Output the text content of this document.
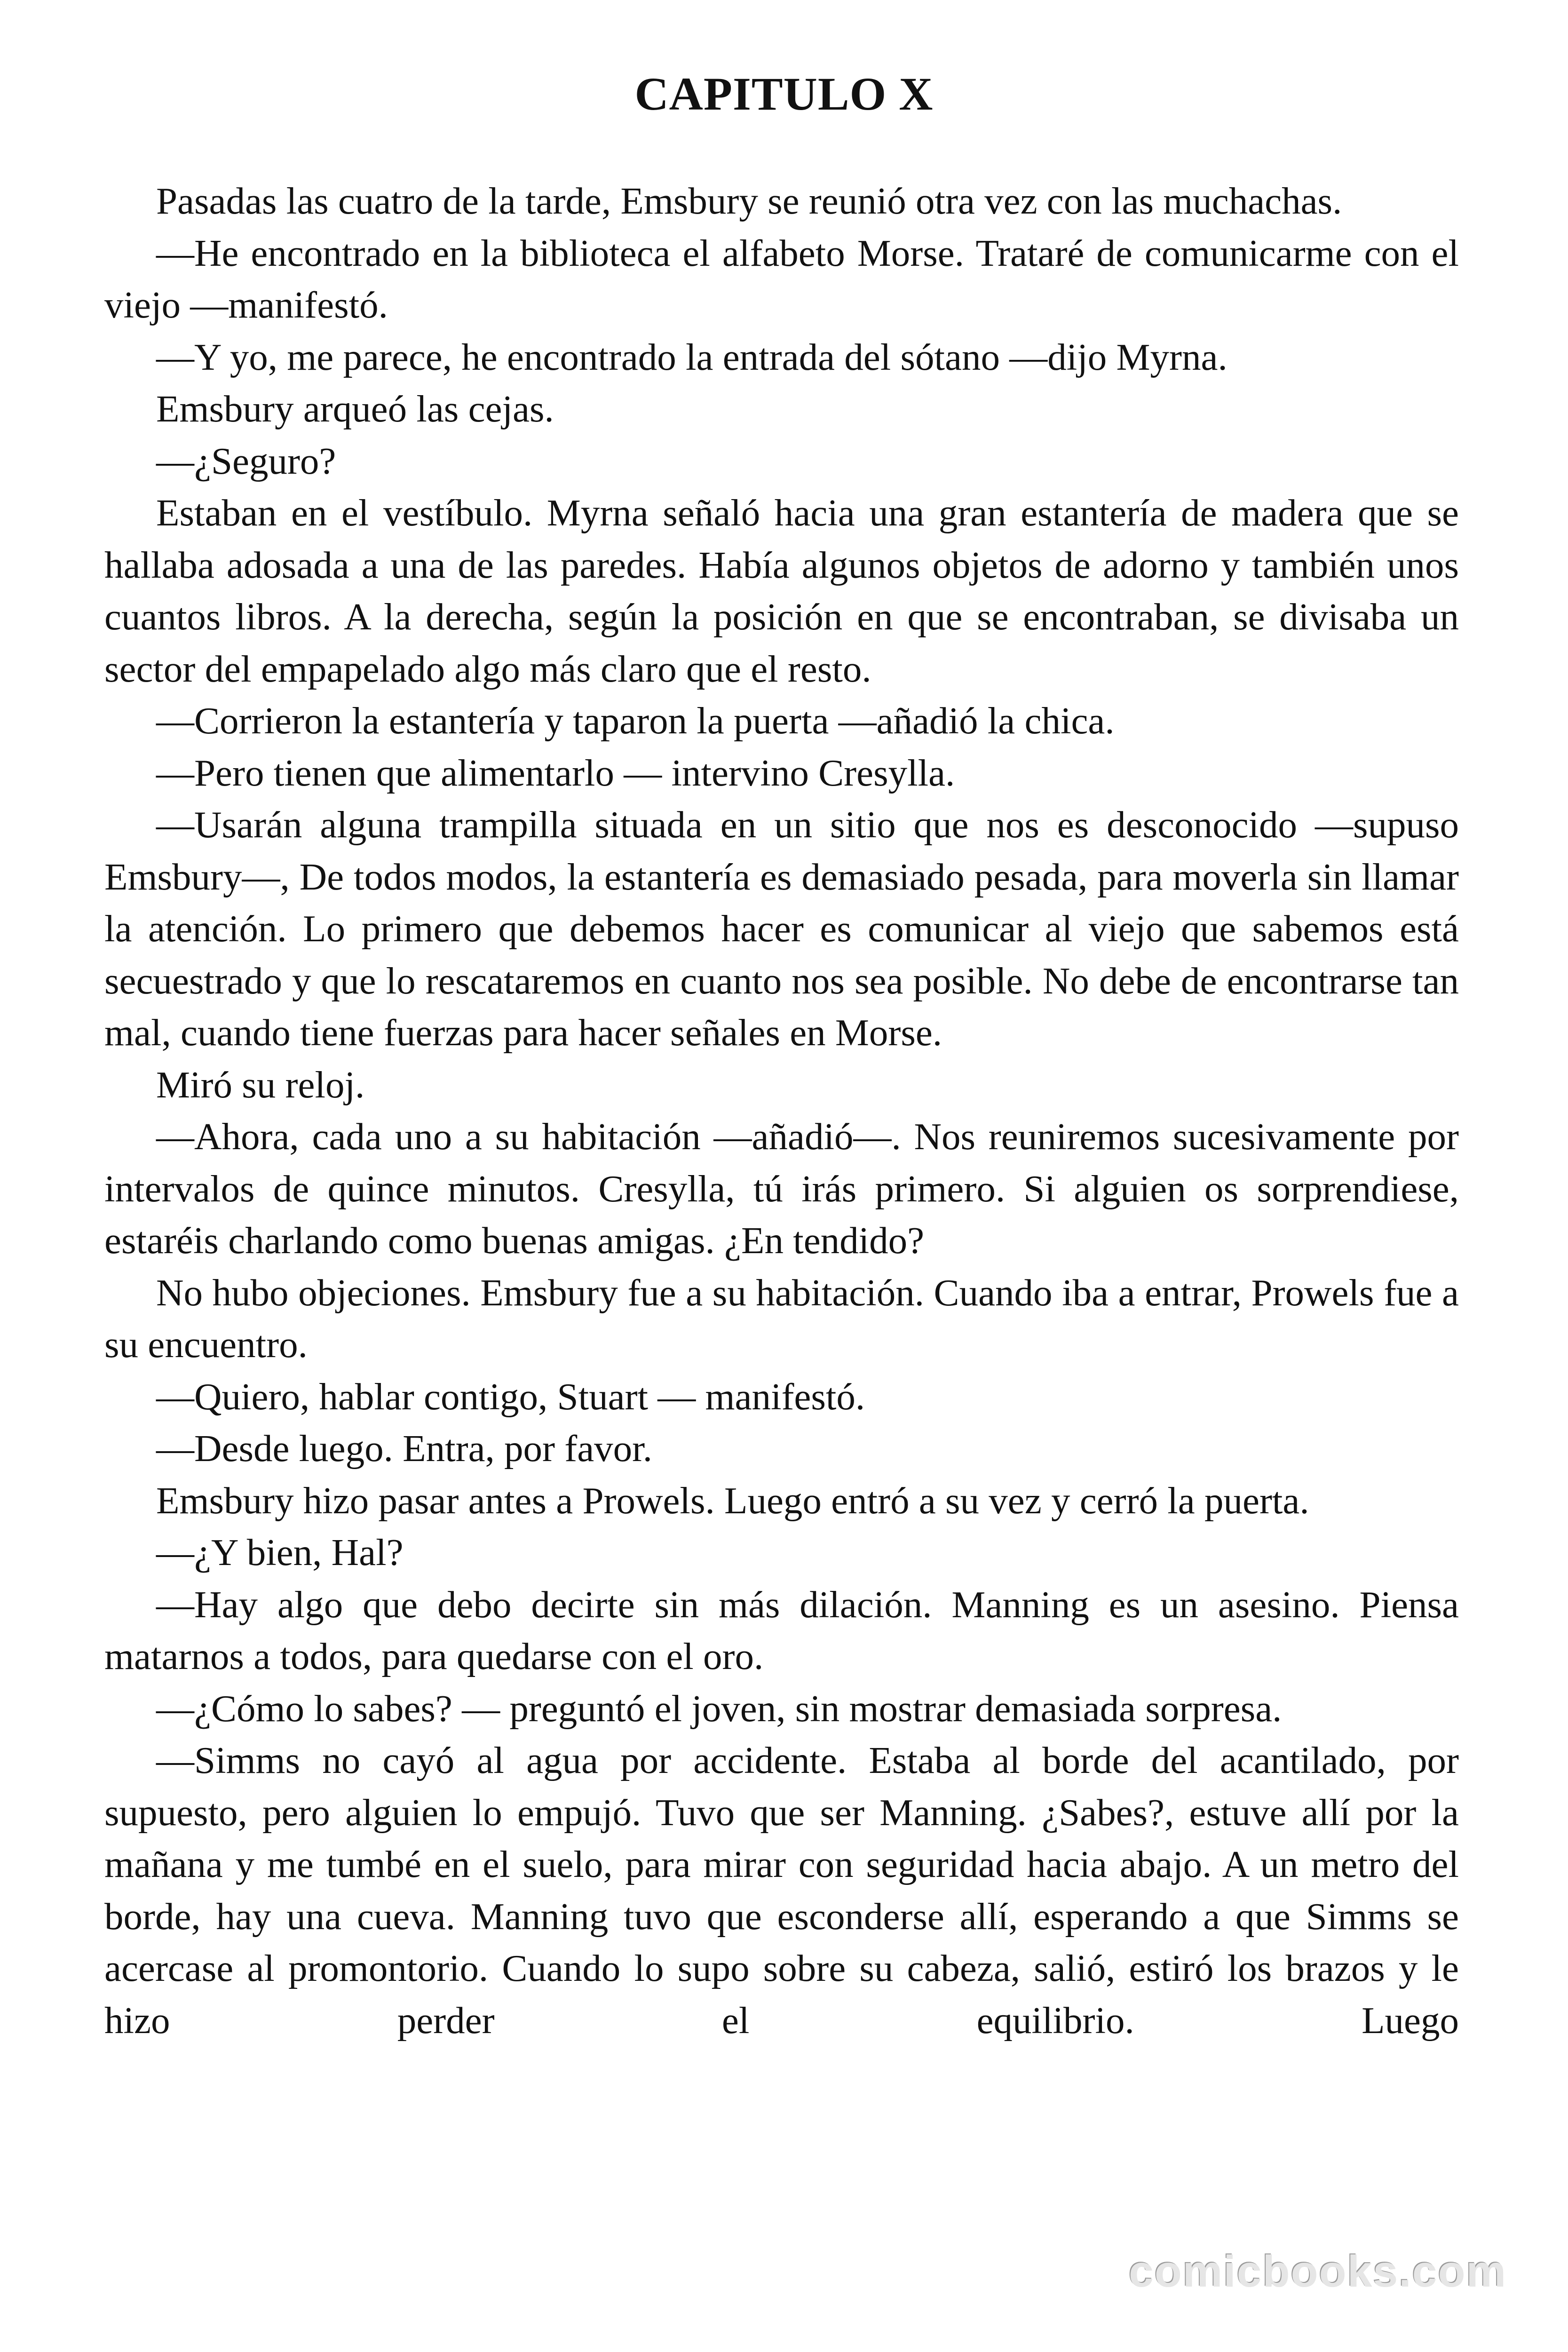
CAPITULO X

Pasadas las cuatro de la tarde, Emsbury se reunió otra vez con las muchachas.

—He encontrado en la biblioteca el alfabeto Morse. Trataré de comunicarme con el viejo —manifestó.

—Y yo, me parece, he encontrado la entrada del sótano —dijo Myrna.

Emsbury arqueó las cejas.

—¿Seguro?

Estaban en el vestíbulo. Myrna señaló hacia una gran estantería de madera que se hallaba adosada a una de las paredes. Había algunos objetos de adorno y también unos cuantos libros. A la derecha, según la posición en que se encontraban, se divisaba un sector del empapelado algo más claro que el resto.

—Corrieron la estantería y taparon la puerta —añadió la chica.

—Pero tienen que alimentarlo — intervino Cresylla.

—Usarán alguna trampilla situada en un sitio que nos es desconocido —supuso Emsbury—, De todos modos, la estantería es demasiado pesada, para moverla sin llamar la atención. Lo primero que debemos hacer es comunicar al viejo que sabemos está secuestrado y que lo rescataremos en cuanto nos sea posible. No debe de encontrarse tan mal, cuando tiene fuerzas para hacer señales en Morse.

Miró su reloj.

—Ahora, cada uno a su habitación —añadió—. Nos reuniremos sucesivamente por intervalos de quince minutos. Cresylla, tú irás primero. Si alguien os sorprendiese, estaréis charlando como buenas amigas. ¿En tendido?

No hubo objeciones. Emsbury fue a su habitación. Cuando iba a entrar, Prowels fue a su encuentro.

—Quiero, hablar contigo, Stuart — manifestó.

—Desde luego. Entra, por favor.

Emsbury hizo pasar antes a Prowels. Luego entró a su vez y cerró la puerta.

—¿Y bien, Hal?

—Hay algo que debo decirte sin más dilación. Manning es un asesino. Piensa matarnos a todos, para quedarse con el oro.

—¿Cómo lo sabes? — preguntó el joven, sin mostrar demasiada sorpresa.

—Simms no cayó al agua por accidente. Estaba al borde del acantilado, por supuesto, pero alguien lo empujó. Tuvo que ser Manning. ¿Sabes?, estuve allí por la mañana y me tumbé en el suelo, para mirar con seguridad hacia abajo. A un metro del borde, hay una cueva. Manning tuvo que esconderse allí, esperando a que Simms se acercase al promontorio. Cuando lo supo sobre su cabeza, salió, estiró los brazos y le hizo perder el equilibrio. Luego

comicbooks.com
